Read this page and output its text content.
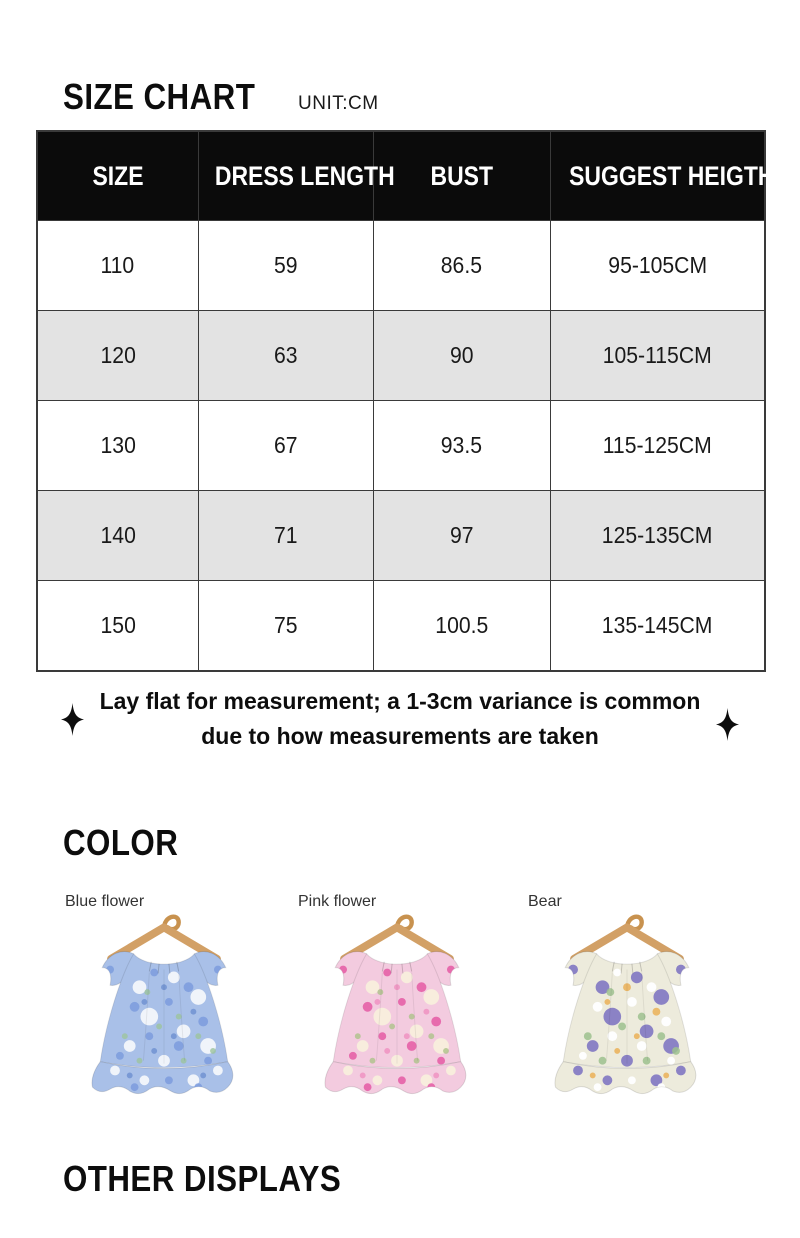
SIZE CHART	UNIT:CM
SIZE	DRESS LENGTH	BUST	SUGGEST HEIGTH
110	59	86.5	95-105CM
120	63	90	105-115CM
130	67	93.5	115-125CM
140	71	97	125-135CM
150	75	100.5	135-145CM
Lay flat for measurement; a 1-3cm variance is common
due to how measurements are taken
COLOR
Blue flower	Pink flower	Bear
OTHER DISPLAYS
